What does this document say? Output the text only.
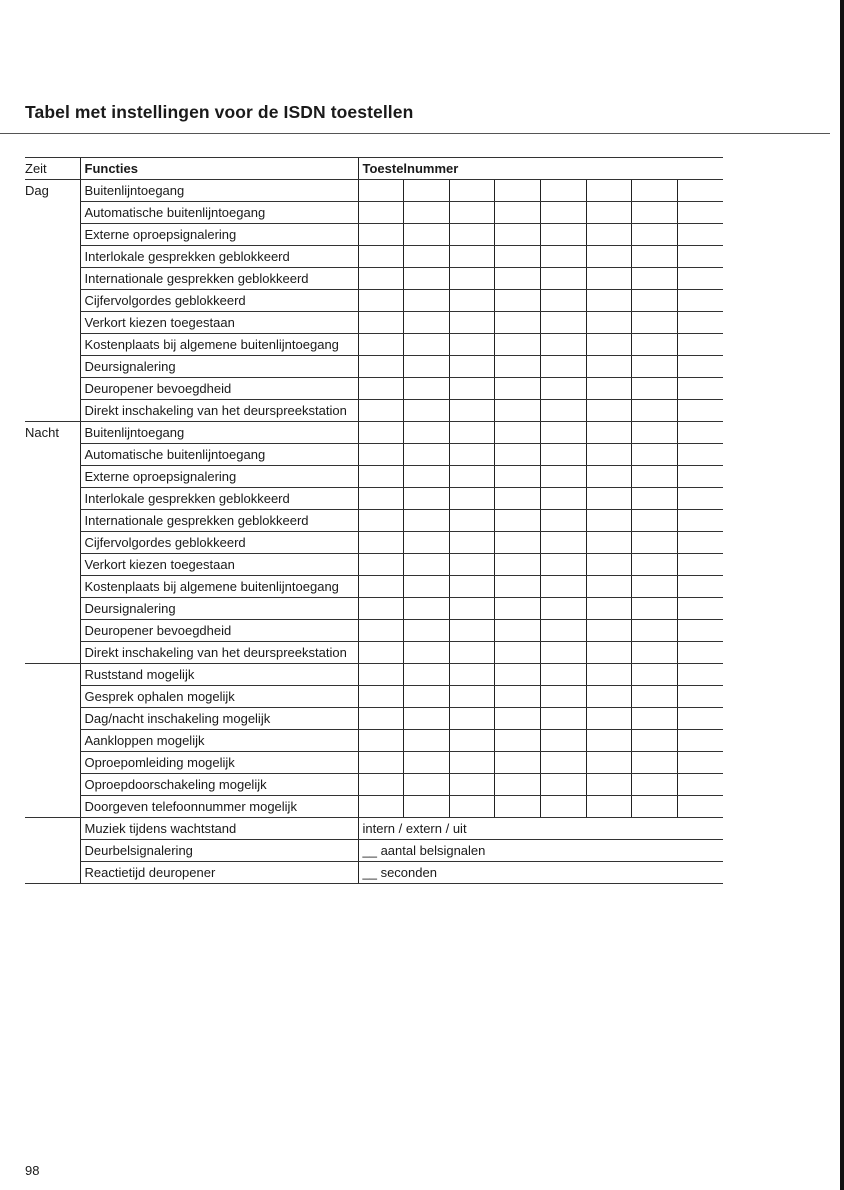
Tabel met instellingen voor de ISDN toestellen
Zeit	Functies	Toestelnummer							
Dag	Buitenlijntoegang								
	Automatische buitenlijntoegang								
	Externe oproepsignalering								
	Interlokale gesprekken geblokkeerd								
	Internationale gesprekken geblokkeerd								
	Cijfervolgordes geblokkeerd								
	Verkort kiezen toegestaan								
	Kostenplaats bij algemene buitenlijntoegang								
	Deursignalering								
	Deuropener bevoegdheid								
	Direkt inschakeling van het deurspreekstation								
Nacht	Buitenlijntoegang								
	Automatische buitenlijntoegang								
	Externe oproepsignalering								
	Interlokale gesprekken geblokkeerd								
	Internationale gesprekken geblokkeerd								
	Cijfervolgordes geblokkeerd								
	Verkort kiezen toegestaan								
	Kostenplaats bij algemene buitenlijntoegang								
	Deursignalering								
	Deuropener bevoegdheid								
	Direkt inschakeling van het deurspreekstation								
	Ruststand mogelijk								
	Gesprek ophalen mogelijk								
	Dag/nacht inschakeling mogelijk								
	Aankloppen mogelijk								
	Oproepomleiding mogelijk								
	Oproepdoorschakeling mogelijk								
	Doorgeven telefoonnummer mogelijk								
	Muziek tijdens wachtstand	intern / extern / uit							
	Deurbelsignalering	__ aantal belsignalen							
	Reactietijd deuropener	__ seconden							
98
